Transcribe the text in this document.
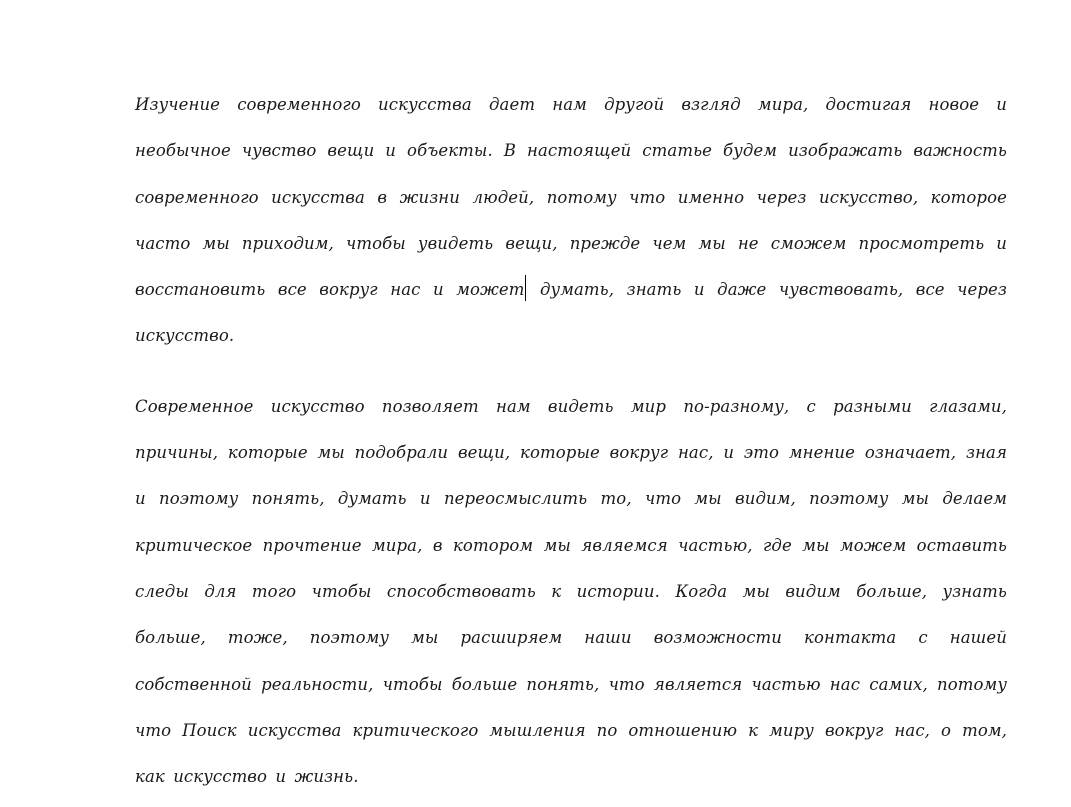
Изучение современного искусства дает нам другой взгляд мира, достигая новое и необычное чувство вещи и объекты. В настоящей статье будем изображать важность современного искусства в жизни людей, потому что именно через искусство, которое часто мы приходим, чтобы увидеть вещи, прежде чем мы не сможем просмотреть и восстановить все вокруг нас и может думать, знать и даже чувствовать, все через искусство.

Современное искусство позволяет нам видеть мир по-разному, с разными глазами, причины, которые мы подобрали вещи, которые вокруг нас, и это мнение означает, зная и поэтому понять, думать и переосмыслить то, что мы видим, поэтому мы делаем критическое прочтение мира, в котором мы являемся частью, где мы можем оставить следы для того чтобы способствовать к истории. Когда мы видим больше, узнать больше, тоже, поэтому мы расширяем наши возможности контакта с нашей собственной реальности, чтобы больше понять, что является частью нас самих, потому что Поиск искусства критического мышления по отношению к миру вокруг нас, о том, как искусство и жизнь.
